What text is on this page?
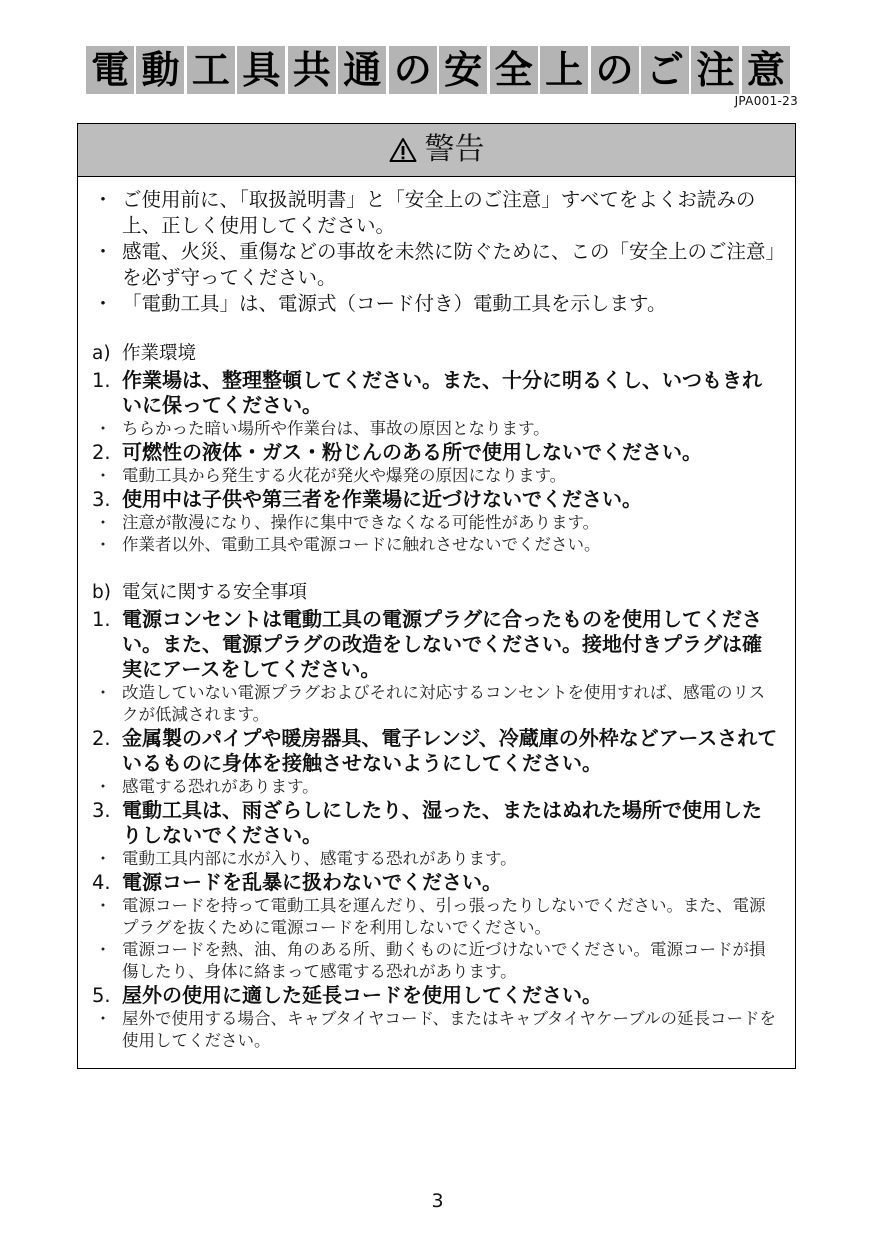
電 動 工 具 共 通 の 安 全 上 の ご 注 意
JPA001-23
警告
・ ご使用前に、「取扱説明書」と「安全上のご注意」すべてをよくお読みの上、正しく使用してください。
・ 感電、火災、重傷などの事故を未然に防ぐために、この「安全上のご注意」を必ず守ってください。
・ 「電動工具」は、電源式（コード付き）電動工具を示します。
a) 作業環境
1. 作業場は、整理整頓してください。また、十分に明るくし、いつもきれいに保ってください。
・ ちらかった暗い場所や作業台は、事故の原因となります。
2. 可燃性の液体・ガス・粉じんのある所で使用しないでください。
・ 電動工具から発生する火花が発火や爆発の原因になります。
3. 使用中は子供や第三者を作業場に近づけないでください。
・ 注意が散漫になり、操作に集中できなくなる可能性があります。
・ 作業者以外、電動工具や電源コードに触れさせないでください。
b) 電気に関する安全事項
1. 電源コンセントは電動工具の電源プラグに合ったものを使用してください。また、電源プラグの改造をしないでください。接地付きプラグは確実にアースをしてください。
・ 改造していない電源プラグおよびそれに対応するコンセントを使用すれば、感電のリスクが低減されます。
2. 金属製のパイプや暖房器具、電子レンジ、冷蔵庫の外枠などアースされているものに身体を接触させないようにしてください。
・ 感電する恐れがあります。
3. 電動工具は、雨ざらしにしたり、湿った、またはぬれた場所で使用したりしないでください。
・ 電動工具内部に水が入り、感電する恐れがあります。
4. 電源コードを乱暴に扱わないでください。
・ 電源コードを持って電動工具を運んだり、引っ張ったりしないでください。また、電源プラグを抜くために電源コードを利用しないでください。
・ 電源コードを熱、油、角のある所、動くものに近づけないでください。電源コードが損傷したり、身体に絡まって感電する恐れがあります。
5. 屋外の使用に適した延長コードを使用してください。
・ 屋外で使用する場合、キャブタイヤコード、またはキャブタイヤケーブルの延長コードを使用してください。
3
